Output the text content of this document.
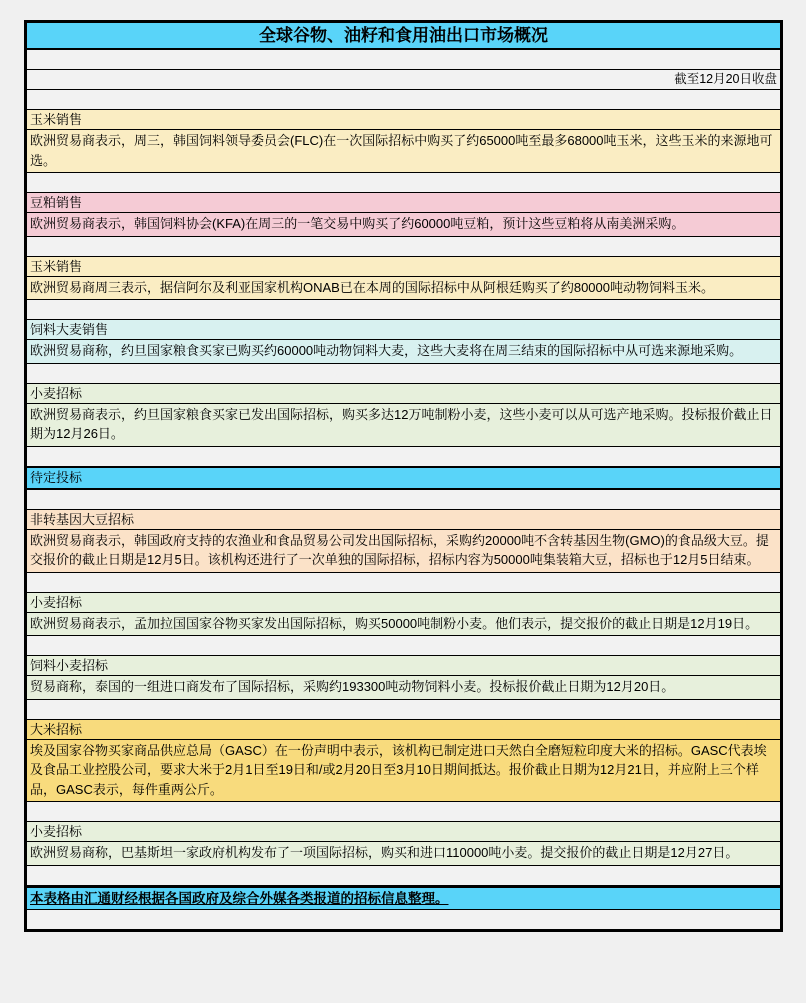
全球谷物、油籽和食用油出口市场概况
截至12月20日收盘
玉米销售
欧洲贸易商表示，周三，韩国饲料领导委员会(FLC)在一次国际招标中购买了约65000吨至最多68000吨玉米，这些玉米的来源地可选。
豆粕销售
欧洲贸易商表示，韩国饲料协会(KFA)在周三的一笔交易中购买了约60000吨豆粕，预计这些豆粕将从南美洲采购。
玉米销售
欧洲贸易商周三表示，据信阿尔及利亚国家机构ONAB已在本周的国际招标中从阿根廷购买了约80000吨动物饲料玉米。
饲料大麦销售
欧洲贸易商称，约旦国家粮食买家已购买约60000吨动物饲料大麦，这些大麦将在周三结束的国际招标中从可选来源地采购。
小麦招标
欧洲贸易商表示，约旦国家粮食买家已发出国际招标，购买多达12万吨制粉小麦，这些小麦可以从可选产地采购。投标报价截止日期为12月26日。
待定投标
非转基因大豆招标
欧洲贸易商表示，韩国政府支持的农渔业和食品贸易公司发出国际招标，采购约20000吨不含转基因生物(GMO)的食品级大豆。提交报价的截止日期是12月5日。该机构还进行了一次单独的国际招标，招标内容为50000吨集装箱大豆，招标也于12月5日结束。
小麦招标
欧洲贸易商表示，孟加拉国国家谷物买家发出国际招标，购买50000吨制粉小麦。他们表示，提交报价的截止日期是12月19日。
饲料小麦招标
贸易商称，泰国的一组进口商发布了国际招标，采购约193300吨动物饲料小麦。投标报价截止日期为12月20日。
大米招标
埃及国家谷物买家商品供应总局（GASC）在一份声明中表示，该机构已制定进口天然白全磨短粒印度大米的招标。GASC代表埃及食品工业控股公司，要求大米于2月1日至19日和/或2月20日至3月10日期间抵达。报价截止日期为12月21日，并应附上三个样品，GASC表示，每件重两公斤。
小麦招标
欧洲贸易商称，巴基斯坦一家政府机构发布了一项国际招标，购买和进口110000吨小麦。提交报价的截止日期是12月27日。
本表格由汇通财经根据各国政府及综合外媒各类报道的招标信息整理。
